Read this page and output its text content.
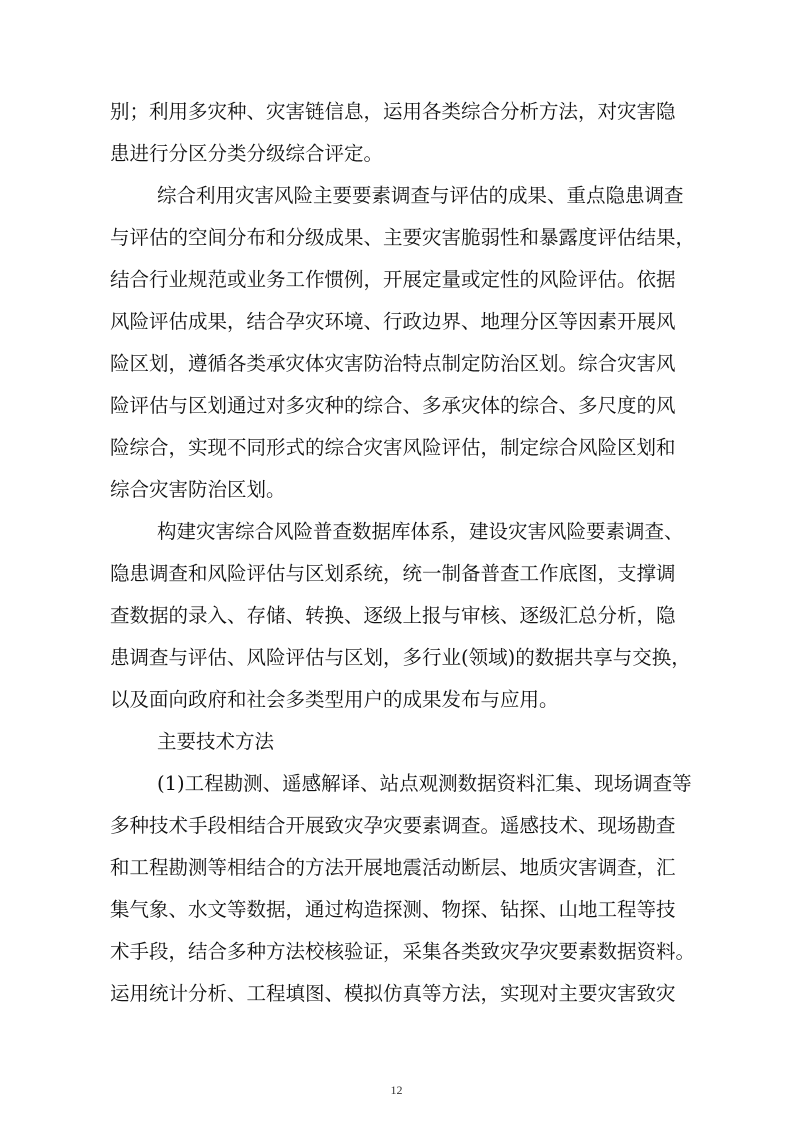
别；利用多灾种、灾害链信息，运用各类综合分析方法，对灾害隐
患进行分区分类分级综合评定。
综合利用灾害风险主要要素调查与评估的成果、重点隐患调查
与评估的空间分布和分级成果、主要灾害脆弱性和暴露度评估结果，
结合行业规范或业务工作惯例，开展定量或定性的风险评估。依据
风险评估成果，结合孕灾环境、行政边界、地理分区等因素开展风
险区划，遵循各类承灾体灾害防治特点制定防治区划。综合灾害风
险评估与区划通过对多灾种的综合、多承灾体的综合、多尺度的风
险综合，实现不同形式的综合灾害风险评估，制定综合风险区划和
综合灾害防治区划。
构建灾害综合风险普查数据库体系，建设灾害风险要素调查、
隐患调查和风险评估与区划系统，统一制备普查工作底图，支撑调
查数据的录入、存储、转换、逐级上报与审核、逐级汇总分析，隐
患调查与评估、风险评估与区划，多行业(领域)的数据共享与交换，
以及面向政府和社会多类型用户的成果发布与应用。
主要技术方法
(1)工程勘测、遥感解译、站点观测数据资料汇集、现场调查等
多种技术手段相结合开展致灾孕灾要素调查。遥感技术、现场勘查
和工程勘测等相结合的方法开展地震活动断层、地质灾害调查，汇
集气象、水文等数据，通过构造探测、物探、钻探、山地工程等技
术手段，结合多种方法校核验证，采集各类致灾孕灾要素数据资料。
运用统计分析、工程填图、模拟仿真等方法，实现对主要灾害致灾
12
